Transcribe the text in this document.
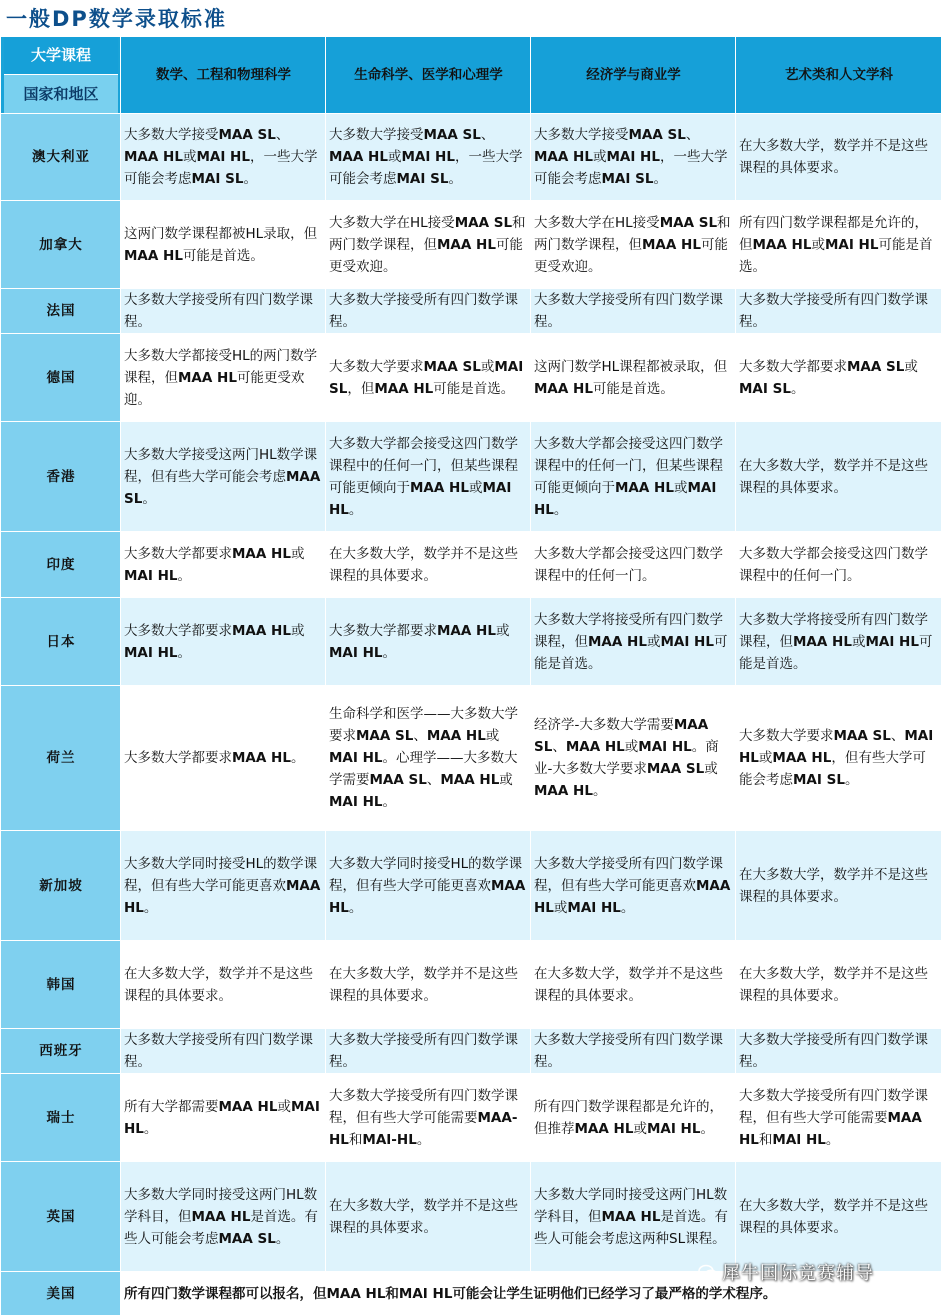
一般DP数学录取标准
大学课程
国家和地区	数学、工程和物理科学	生命科学、医学和心理学	经济学与商业学	艺术类和人文学科
澳大利亚	大多数大学接受MAA SL、MAA HL或MAI HL，一些大学可能会考虑MAI SL。	大多数大学接受MAA SL、MAA HL或MAI HL，一些大学可能会考虑MAI SL。	大多数大学接受MAA SL、MAA HL或MAI HL，一些大学可能会考虑MAI SL。	在大多数大学，数学并不是这些课程的具体要求。
加拿大	这两门数学课程都被HL录取，但MAA HL可能是首选。	大多数大学在HL接受MAA SL和两门数学课程，但MAA HL可能更受欢迎。	大多数大学在HL接受MAA SL和两门数学课程，但MAA HL可能更受欢迎。	所有四门数学课程都是允许的，但MAA HL或MAI HL可能是首选。
法国	大多数大学接受所有四门数学课程。	大多数大学接受所有四门数学课程。	大多数大学接受所有四门数学课程。	大多数大学接受所有四门数学课程。
德国	大多数大学都接受HL的两门数学课程，但MAA HL可能更受欢迎。	大多数大学要求MAA SL或MAI SL，但MAA HL可能是首选。	这两门数学HL课程都被录取，但MAA HL可能是首选。	大多数大学都要求MAA SL或MAI SL。
香港	大多数大学接受这两门HL数学课程，但有些大学可能会考虑MAA SL。	大多数大学都会接受这四门数学课程中的任何一门，但某些课程可能更倾向于MAA HL或MAI HL。	大多数大学都会接受这四门数学课程中的任何一门，但某些课程可能更倾向于MAA HL或MAI HL。	在大多数大学，数学并不是这些课程的具体要求。
印度	大多数大学都要求MAA HL或MAI HL。	在大多数大学，数学并不是这些课程的具体要求。	大多数大学都会接受这四门数学课程中的任何一门。	大多数大学都会接受这四门数学课程中的任何一门。
日本	大多数大学都要求MAA HL或MAI HL。	大多数大学都要求MAA HL或MAI HL。	大多数大学将接受所有四门数学课程，但MAA HL或MAI HL可能是首选。	大多数大学将接受所有四门数学课程，但MAA HL或MAI HL可能是首选。
荷兰	大多数大学都要求MAA HL。	生命科学和医学——大多数大学要求MAA SL、MAA HL或MAI HL。心理学——大多数大学需要MAA SL、MAA HL或MAI HL。	经济学-大多数大学需要MAA SL、MAA HL或MAI HL。商业-大多数大学要求MAA SL或MAA HL。	大多数大学要求MAA SL、MAI HL或MAA HL，但有些大学可能会考虑MAI SL。
新加坡	大多数大学同时接受HL的数学课程，但有些大学可能更喜欢MAA HL。	大多数大学同时接受HL的数学课程，但有些大学可能更喜欢MAA HL。	大多数大学接受所有四门数学课程，但有些大学可能更喜欢MAA HL或MAI HL。	在大多数大学，数学并不是这些课程的具体要求。
韩国	在大多数大学，数学并不是这些课程的具体要求。	在大多数大学，数学并不是这些课程的具体要求。	在大多数大学，数学并不是这些课程的具体要求。	在大多数大学，数学并不是这些课程的具体要求。
西班牙	大多数大学接受所有四门数学课程。	大多数大学接受所有四门数学课程。	大多数大学接受所有四门数学课程。	大多数大学接受所有四门数学课程。
瑞士	所有大学都需要MAA HL或MAI HL。	大多数大学接受所有四门数学课程，但有些大学可能需要MAA-HL和MAI-HL。	所有四门数学课程都是允许的，但推荐MAA HL或MAI HL。	大多数大学接受所有四门数学课程，但有些大学可能需要MAA HL和MAI HL。
英国	大多数大学同时接受这两门HL数学科目，但MAA HL是首选。有些人可能会考虑MAA SL。	在大多数大学，数学并不是这些课程的具体要求。	大多数大学同时接受这两门HL数学科目，但MAA HL是首选。有些人可能会考虑这两种SL课程。	在大多数大学，数学并不是这些课程的具体要求。
美国	所有四门数学课程都可以报名，但MAA HL和MAI HL可能会让学生证明他们已经学习了最严格的学术程序。			
犀牛国际竞赛辅导
